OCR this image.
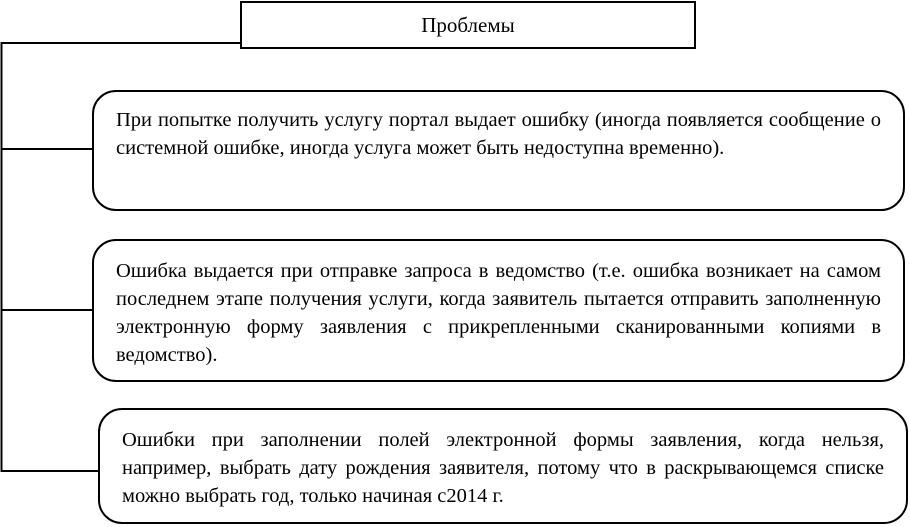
Проблемы
При попытке получить услугу портал выдает ошибку (иногда появляется сообщение о системной ошибке, иногда услуга может быть недоступна временно).
Ошибка выдается при отправке запроса в ведомство (т.е. ошибка возникает на самом последнем этапе получения услуги, когда заявитель пытается отправить заполненную электронную форму заявления с прикрепленными сканированными копиями в ведомство).
Ошибки при заполнении полей электронной формы заявления, когда нельзя, например, выбрать дату рождения заявителя, потому что в раскрывающемся списке можно выбрать год, только начиная с2014 г.
